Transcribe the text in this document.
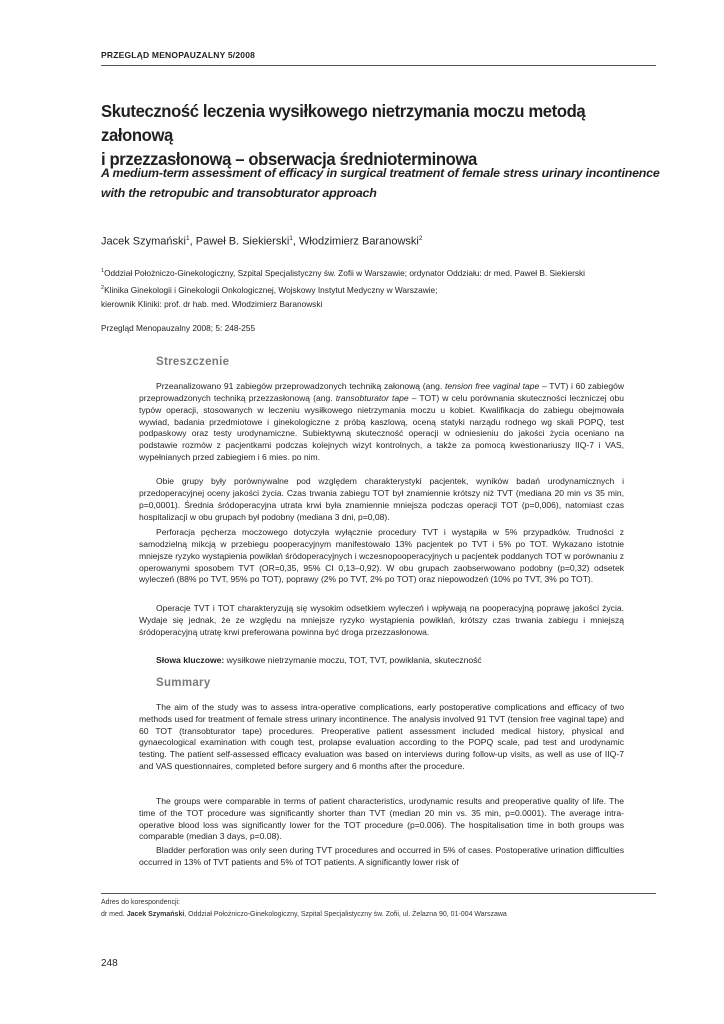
PRZEGLĄD MENOPAUZALNY 5/2008
Skuteczność leczenia wysiłkowego nietrzymania moczu metodą załonową
i przezzasłonową – obserwacja średnioterminowa
A medium-term assessment of efficacy in surgical treatment of female stress urinary incontinence
with the retropubic and transobturator approach
Jacek Szymański$^1$, Paweł B. Siekierski$^1$, Włodzimierz Baranowski$^2$
$^1$Oddział Położniczo-Ginekologiczny, Szpital Specjalistyczny św. Zofii w Warszawie; ordynator Oddziału: dr med. Paweł B. Siekierski
$^2$Klinika Ginekologii i Ginekologii Onkologicznej, Wojskowy Instytut Medyczny w Warszawie;
kierownik Kliniki: prof. dr hab. med. Włodzimierz Baranowski
Przegląd Menopauzalny 2008; 5: 248-255
Streszczenie

Przeanalizowano 91 zabiegów przeprowadzonych techniką załonową (ang. tension free vaginal tape – TVT) i 60 zabiegów przeprowadzonych techniką przezzasłonową (ang. transobturator tape – TOT) w celu porównania skuteczności leczniczej obu typów operacji, stosowanych w leczeniu wysiłkowego nietrzymania moczu u kobiet. Kwalifikacja do zabiegu obejmowała wywiad, badania przedmiotowe i ginekologiczne z próbą kaszlową, oceną statyki narządu rodnego wg skali POPQ, test podpaskowy oraz testy urodynamiczne. Subiektywną skuteczność operacji w odniesieniu do jakości życia oceniano na podstawie rozmów z pacjentkami podczas kolejnych wizyt kontrolnych, a także za pomocą kwestionariuszy IIQ-7 i VAS, wypełnianych przed zabiegiem i 6 mies. po nim.

Obie grupy były porównywalne pod względem charakterystyki pacjentek, wyników badań urodynamicznych i przedoperacyjnej oceny jakości życia. Czas trwania zabiegu TOT był znamiennie krótszy niż TVT (mediana 20 min vs 35 min, p=0,0001). Średnia śródoperacyjna utrata krwi była znamiennie mniejsza podczas operacji TOT (p=0,006), natomiast czas hospitalizacji w obu grupach był podobny (mediana 3 dni, p=0,08).

Perforacja pęcherza moczowego dotyczyła wyłącznie procedury TVT i wystąpiła w 5% przypadków. Trudności z samodzielną mikcją w przebiegu pooperacyjnym manifestowało 13% pacjentek po TVT i 5% po TOT. Wykazano istotnie mniejsze ryzyko wystąpienia powikłań śródoperacyjnych i wczesnopooperacyjnych u pacjentek poddanych TOT w porównaniu z operowanymi sposobem TVT (OR=0,35, 95% CI 0,13–0,92). W obu grupach zaobserwowano podobny (p=0,32) odsetek wyleczeń (88% po TVT, 95% po TOT), poprawy (2% po TVT, 2% po TOT) oraz niepowodzeń (10% po TVT, 3% po TOT).

Operacje TVT i TOT charakteryzują się wysokim odsetkiem wyleczeń i wpływają na pooperacyjną poprawę jakości życia. Wydaje się jednak, że ze względu na mniejsze ryzyko wystąpienia powikłań, krótszy czas trwania zabiegu i mniejszą śródoperacyjną utratę krwi preferowana powinna być droga przezzasłonowa.

Słowa kluczowe: wysiłkowe nietrzymanie moczu, TOT, TVT, powikłania, skuteczność
Summary

The aim of the study was to assess intra-operative complications, early postoperative complications and efficacy of two methods used for treatment of female stress urinary incontinence. The analysis involved 91 TVT (tension free vaginal tape) and 60 TOT (transobturator tape) procedures. Preoperative patient assessment included medical history, physical and gynaecological examination with cough test, prolapse evaluation according to the POPQ scale, pad test and urodynamic testing. The patient self-assessed efficacy evaluation was based on interviews during follow-up visits, as well as use of IIQ-7 and VAS questionnaires, completed before surgery and 6 months after the procedure.

The groups were comparable in terms of patient characteristics, urodynamic results and preoperative quality of life. The time of the TOT procedure was significantly shorter than TVT (median 20 min vs. 35 min, p=0.0001). The average intra-operative blood loss was significantly lower for the TOT procedure (p=0.006). The hospitalisation time in both groups was comparable (median 3 days, p=0.08).

Bladder perforation was only seen during TVT procedures and occurred in 5% of cases. Postoperative urination difficulties occurred in 13% of TVT patients and 5% of TOT patients. A significantly lower risk of

Adres do korespondencji:
dr med. Jacek Szymański, Oddział Położniczo-Ginekologiczny, Szpital Specjalistyczny św. Zofii, ul. Żelazna 90, 01-004 Warszawa
248
